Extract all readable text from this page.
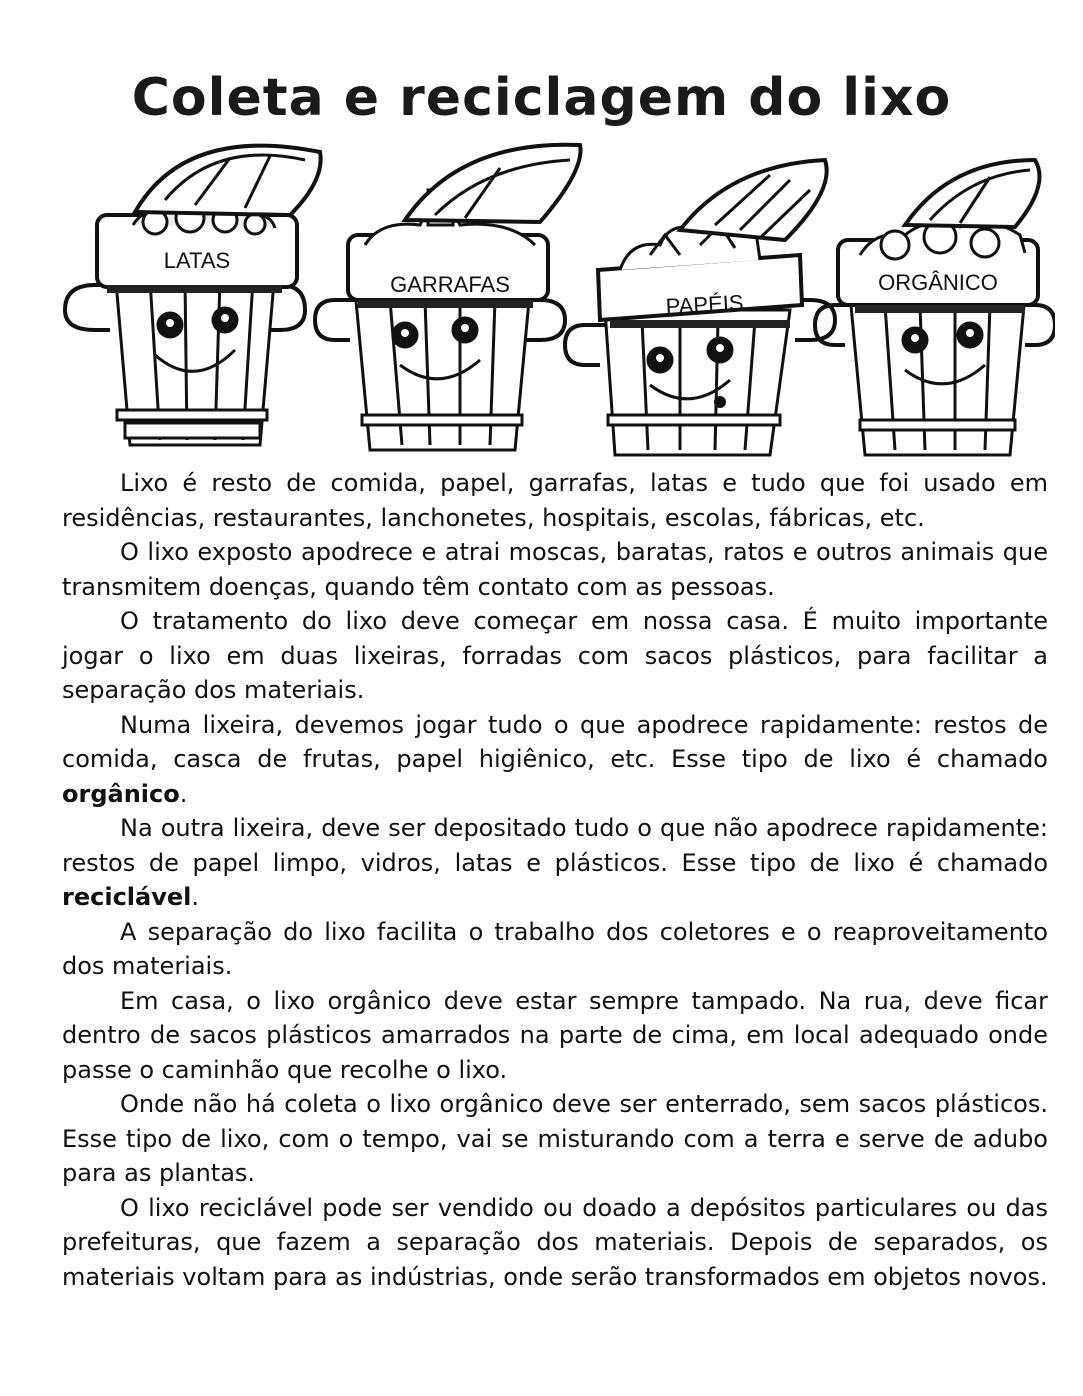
Coleta e reciclagem do lixo
LATAS
GARRAFAS
PAPÉIS
ORGÂNICO

Lixo é resto de comida, papel, garrafas, latas e tudo que foi usado em residências, restaurantes, lanchonetes, hospitais, escolas, fábricas, etc.

O lixo exposto apodrece e atrai moscas, baratas, ratos e outros animais que transmitem doenças, quando têm contato com as pessoas.

O tratamento do lixo deve começar em nossa casa. É muito importante jogar o lixo em duas lixeiras, forradas com sacos plásticos, para facilitar a separação dos materiais.

Numa lixeira, devemos jogar tudo o que apodrece rapidamente: restos de comida, casca de frutas, papel higiênico, etc. Esse tipo de lixo é chamado orgânico.

Na outra lixeira, deve ser depositado tudo o que não apodrece rapidamente: restos de papel limpo, vidros, latas e plásticos. Esse tipo de lixo é chamado reciclável.

A separação do lixo facilita o trabalho dos coletores e o reaproveitamento dos materiais.

Em casa, o lixo orgânico deve estar sempre tampado. Na rua, deve ficar dentro de sacos plásticos amarrados na parte de cima, em local adequado onde passe o caminhão que recolhe o lixo.

Onde não há coleta o lixo orgânico deve ser enterrado, sem sacos plásticos. Esse tipo de lixo, com o tempo, vai se misturando com a terra e serve de adubo para as plantas.

O lixo reciclável pode ser vendido ou doado a depósitos particulares ou das prefeituras, que fazem a separação dos materiais. Depois de separados, os materiais voltam para as indústrias, onde serão transformados em objetos novos.
